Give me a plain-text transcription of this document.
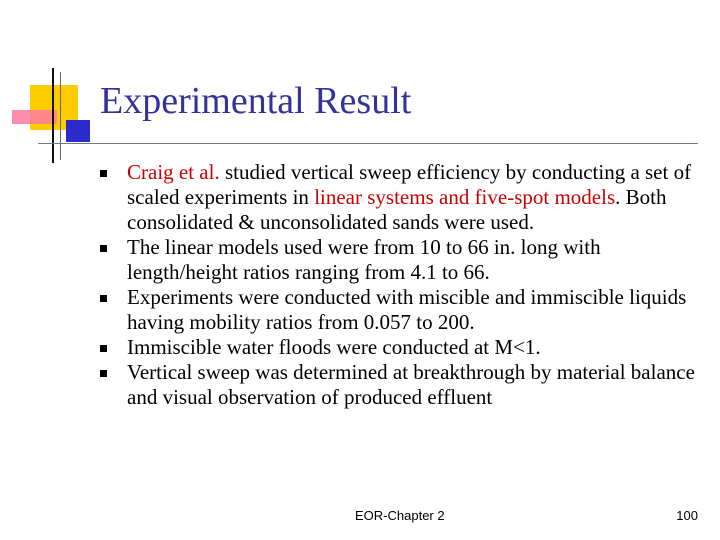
Experimental Result
Craig et al. studied vertical sweep efficiency by conducting a set of scaled experiments in linear systems and five-spot models. Both consolidated & unconsolidated sands were used.
The linear models used were from 10 to 66 in. long with length/height ratios ranging from 4.1 to 66.
Experiments were conducted with miscible and immiscible liquids having mobility ratios from 0.057 to 200.
Immiscible water floods were conducted at M<1.
Vertical sweep was determined at breakthrough by material balance and visual observation of produced effluent
EOR-Chapter 2	100
